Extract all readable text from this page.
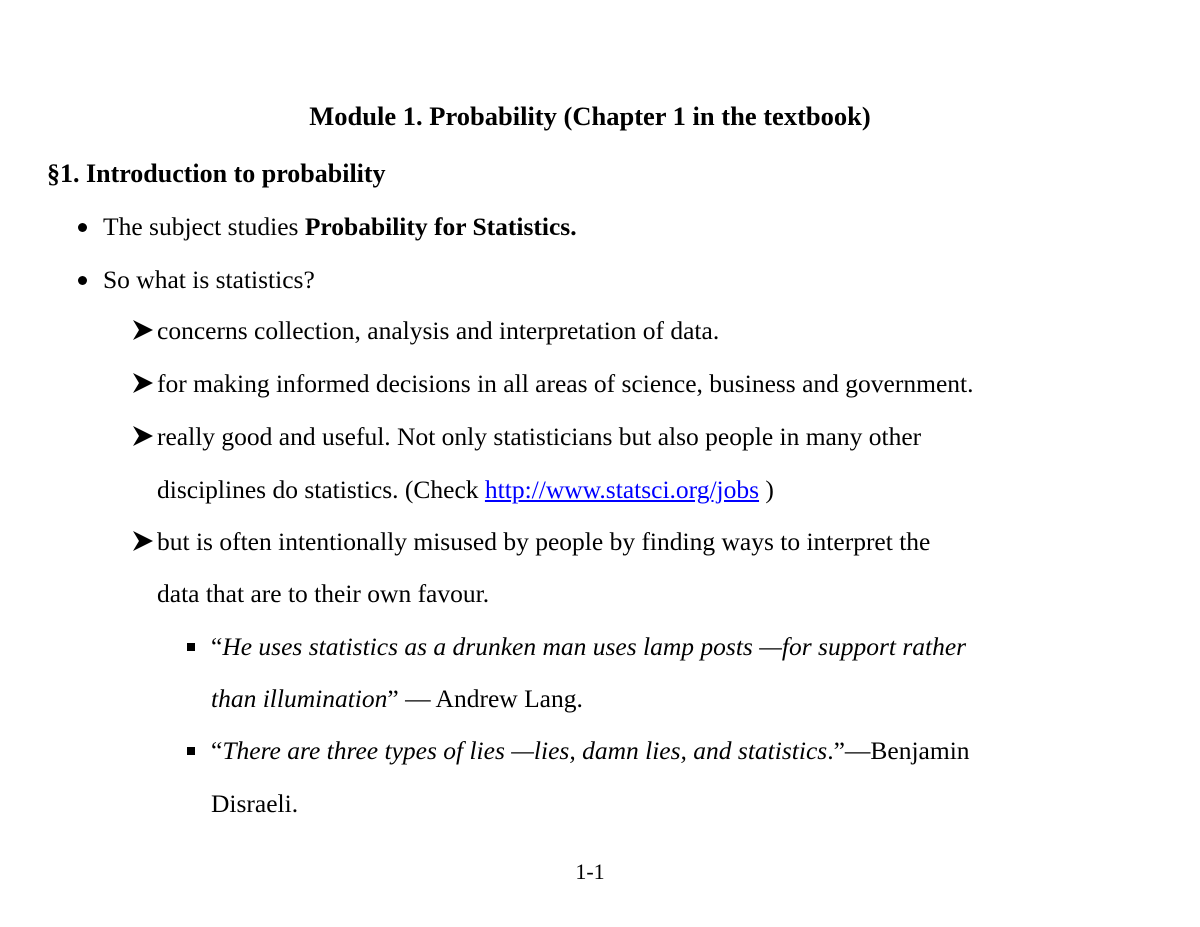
Module 1. Probability (Chapter 1 in the textbook)
§1. Introduction to probability
The subject studies Probability for Statistics.
So what is statistics?
concerns collection, analysis and interpretation of data.
for making informed decisions in all areas of science, business and government.
really good and useful. Not only statisticians but also people in many other
disciplines do statistics. (Check http://www.statsci.org/jobs )
but is often intentionally misused by people by finding ways to interpret the
data that are to their own favour.
“He uses statistics as a drunken man uses lamp posts —for support rather
than illumination” — Andrew Lang.
“There are three types of lies —lies, damn lies, and statistics.”—Benjamin
Disraeli.
1-1
